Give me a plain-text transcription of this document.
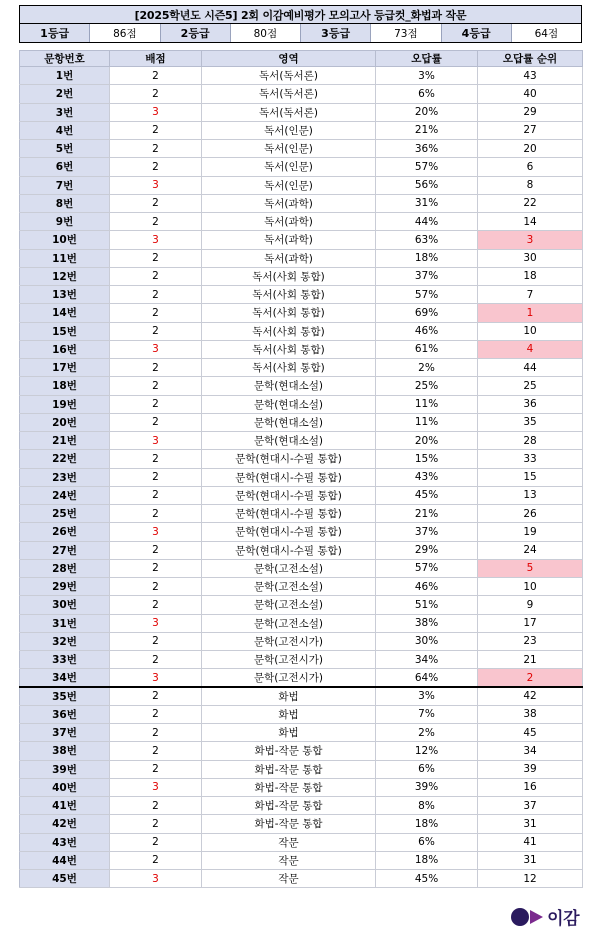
[2025학년도 시즌5] 2회 이감예비평가 모의고사 등급컷_화법과 작문
1등급	86점	2등급	80점	3등급	73점	4등급	64점
문항번호	배점	영역	오답률	오답률 순위
1번	2	독서(독서론)	3%	43
2번	2	독서(독서론)	6%	40
3번	3	독서(독서론)	20%	29
4번	2	독서(인문)	21%	27
5번	2	독서(인문)	36%	20
6번	2	독서(인문)	57%	6
7번	3	독서(인문)	56%	8
8번	2	독서(과학)	31%	22
9번	2	독서(과학)	44%	14
10번	3	독서(과학)	63%	3
11번	2	독서(과학)	18%	30
12번	2	독서(사회 통합)	37%	18
13번	2	독서(사회 통합)	57%	7
14번	2	독서(사회 통합)	69%	1
15번	2	독서(사회 통합)	46%	10
16번	3	독서(사회 통합)	61%	4
17번	2	독서(사회 통합)	2%	44
18번	2	문학(현대소설)	25%	25
19번	2	문학(현대소설)	11%	36
20번	2	문학(현대소설)	11%	35
21번	3	문학(현대소설)	20%	28
22번	2	문학(현대시-수필 통합)	15%	33
23번	2	문학(현대시-수필 통합)	43%	15
24번	2	문학(현대시-수필 통합)	45%	13
25번	2	문학(현대시-수필 통합)	21%	26
26번	3	문학(현대시-수필 통합)	37%	19
27번	2	문학(현대시-수필 통합)	29%	24
28번	2	문학(고전소설)	57%	5
29번	2	문학(고전소설)	46%	10
30번	2	문학(고전소설)	51%	9
31번	3	문학(고전소설)	38%	17
32번	2	문학(고전시가)	30%	23
33번	2	문학(고전시가)	34%	21
34번	3	문학(고전시가)	64%	2
35번	2	화법	3%	42
36번	2	화법	7%	38
37번	2	화법	2%	45
38번	2	화법-작문 통합	12%	34
39번	2	화법-작문 통합	6%	39
40번	3	화법-작문 통합	39%	16
41번	2	화법-작문 통합	8%	37
42번	2	화법-작문 통합	18%	31
43번	2	작문	6%	41
44번	2	작문	18%	31
45번	3	작문	45%	12
이감
